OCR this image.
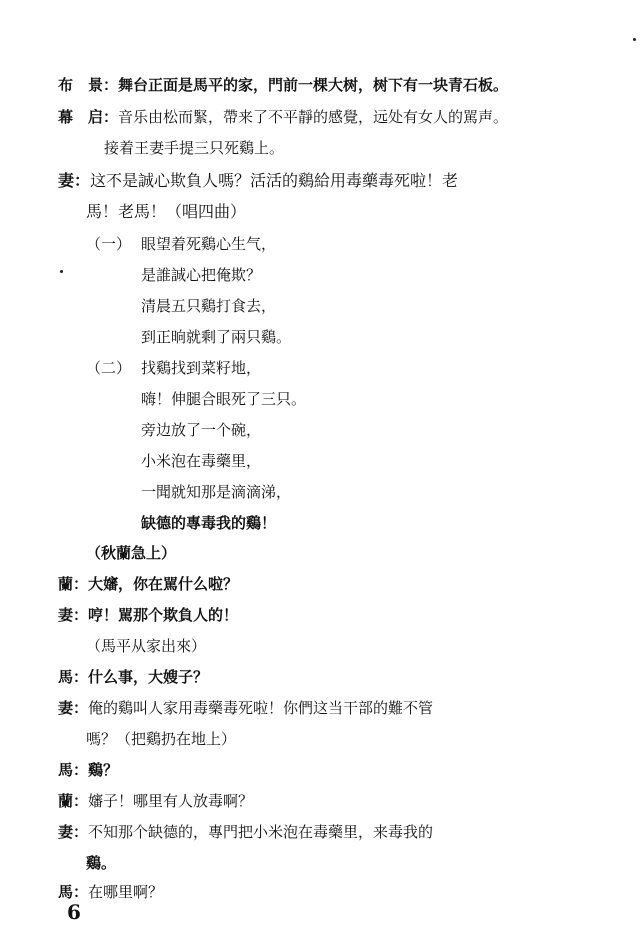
布　景：舞台正面是馬平的家，門前一棵大树，树下有一块青石板。
幕　启：音乐由松而緊，帶来了不平靜的感覺，远处有女人的駡声。
接着王妻手提三只死鷄上。
妻：这不是誠心欺負人嗎？活活的鷄給用毒藥毒死啦！老
馬！老馬！（唱四曲）
（一） 眼望着死鷄心生气，
是誰誠心把俺欺？
清晨五只鷄打食去，
到正晌就剩了兩只鷄。
（二） 找鷄找到菜籽地，
嗨！伸腿合眼死了三只。
旁边放了一个碗，
小米泡在毒藥里，
一聞就知那是滴滴涕，
缺德的專毒我的鷄！
（秋蘭急上）
蘭：大嬸，你在駡什么啦？
妻：哼！駡那个欺負人的！
（馬平从家出來）
馬：什么事，大嫂子？
妻：俺的鷄叫人家用毒藥毒死啦！你們这当干部的難不管
嗎？（把鷄扔在地上）
馬：鷄？
蘭：嬸子！哪里有人放毒啊？
妻：不知那个缺德的，專門把小米泡在毒藥里，来毒我的
鷄。
馬：在哪里啊？
6
